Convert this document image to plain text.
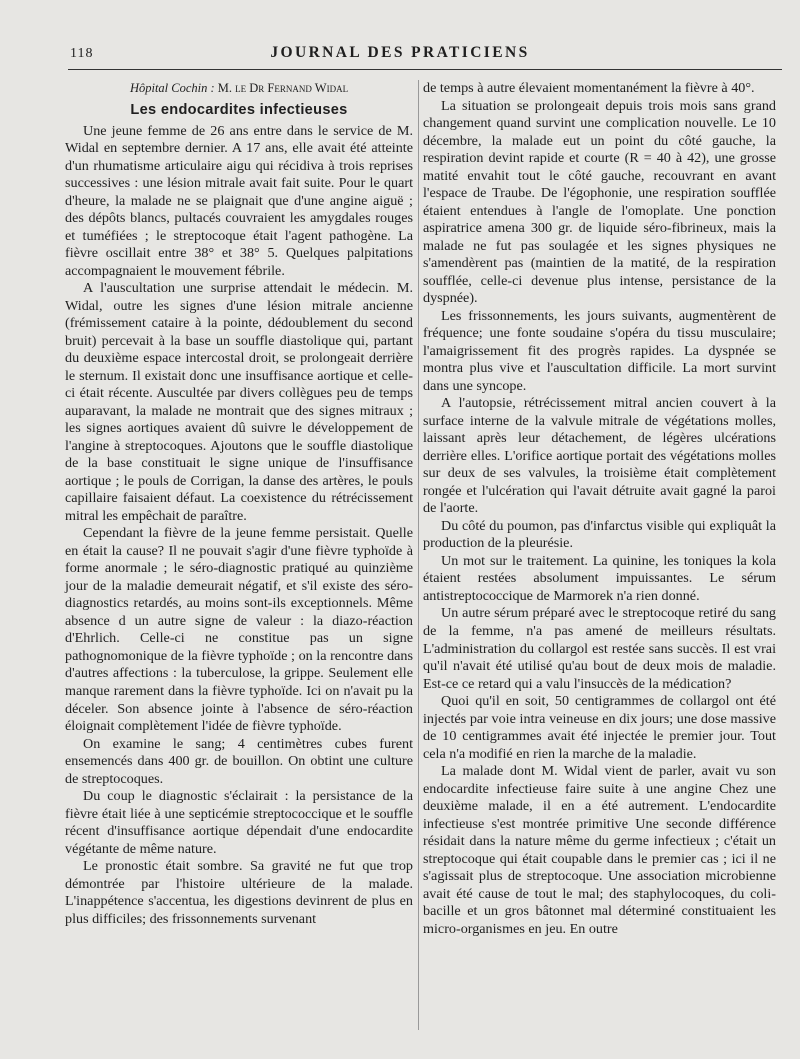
118	JOURNAL DES PRATICIENS

Hôpital Cochin : M. le Dr Fernand Widal

Les endocardites infectieuses

Une jeune femme de 26 ans entre dans le service de M. Widal en septembre dernier. A 17 ans, elle avait été atteinte d'un rhumatisme articulaire aigu qui récidiva à trois reprises successives : une lésion mitrale avait fait suite. Pour le quart d'heure, la malade ne se plaignait que d'une angine aiguë ; des dépôts blancs, pultacés couvraient les amygdales rouges et tuméfiées ; le streptocoque était l'agent pathogène. La fièvre oscillait entre 38° et 38° 5. Quelques palpitations accompagnaient le mouvement fébrile.

A l'auscultation une surprise attendait le médecin. M. Widal, outre les signes d'une lésion mitrale ancienne (frémissement cataire à la pointe, dédoublement du second bruit) percevait à la base un souffle diastolique qui, partant du deuxième espace intercostal droit, se prolongeait derrière le sternum. Il existait donc une insuffisance aortique et celle-ci était récente. Auscultée par divers collègues peu de temps auparavant, la malade ne montrait que des signes mitraux ; les signes aortiques avaient dû suivre le développement de l'angine à streptocoques. Ajoutons que le souffle diastolique de la base constituait le signe unique de l'insuffisance aortique ; le pouls de Corrigan, la danse des artères, le pouls capillaire faisaient défaut. La coexistence du rétrécissement mitral les empêchait de paraître.

Cependant la fièvre de la jeune femme persistait. Quelle en était la cause? Il ne pouvait s'agir d'une fièvre typhoïde à forme anormale ; le séro-diagnostic pratiqué au quinzième jour de la maladie demeurait négatif, et s'il existe des séro-diagnostics retardés, au moins sont-ils exceptionnels. Même absence d un autre signe de valeur : la diazo-réaction d'Ehrlich. Celle-ci ne constitue pas un signe pathognomonique de la fièvre typhoïde ; on la rencontre dans d'autres affections : la tuberculose, la grippe. Seulement elle manque rarement dans la fièvre typhoïde. Ici on n'avait pu la déceler. Son absence jointe à l'absence de séro-réaction éloignait complètement l'idée de fièvre typhoïde.

On examine le sang; 4 centimètres cubes furent ensemencés dans 400 gr. de bouillon. On obtint une culture de streptocoques.

Du coup le diagnostic s'éclairait : la persistance de la fièvre était liée à une septicémie streptococcique et le souffle récent d'insuffisance aortique dépendait d'une endocardite végétante de même nature.

Le pronostic était sombre. Sa gravité ne fut que trop démontrée par l'histoire ultérieure de la malade. L'inappétence s'accentua, les digestions devinrent de plus en plus difficiles; des frissonnements survenant

de temps à autre élevaient momentanément la fièvre à 40°.

La situation se prolongeait depuis trois mois sans grand changement quand survint une complication nouvelle. Le 10 décembre, la malade eut un point du côté gauche, la respiration devint rapide et courte (R = 40 à 42), une grosse matité envahit tout le côté gauche, recouvrant en avant l'espace de Traube. De l'égophonie, une respiration soufflée étaient entendues à l'angle de l'omoplate. Une ponction aspiratrice amena 300 gr. de liquide séro-fibrineux, mais la malade ne fut pas soulagée et les signes physiques ne s'amendèrent pas (maintien de la matité, de la respiration soufflée, celle-ci devenue plus intense, persistance de la dyspnée).

Les frissonnements, les jours suivants, augmentèrent de fréquence; une fonte soudaine s'opéra du tissu musculaire; l'amaigrissement fit des progrès rapides. La dyspnée se montra plus vive et l'auscultation difficile. La mort survint dans une syncope.

A l'autopsie, rétrécissement mitral ancien couvert à la surface interne de la valvule mitrale de végétations molles, laissant après leur détachement, de légères ulcérations derrière elles. L'orifice aortique portait des végétations molles sur deux de ses valvules, la troisième était complètement rongée et l'ulcération qui l'avait détruite avait gagné la paroi de l'aorte.

Du côté du poumon, pas d'infarctus visible qui expliquât la production de la pleurésie.

Un mot sur le traitement. La quinine, les toniques la kola étaient restées absolument impuissantes. Le sérum antistreptococcique de Marmorek n'a rien donné.

Un autre sérum préparé avec le streptocoque retiré du sang de la femme, n'a pas amené de meilleurs résultats. L'administration du collargol est restée sans succès. Il est vrai qu'il n'avait été utilisé qu'au bout de deux mois de maladie. Est-ce ce retard qui a valu l'insuccès de la médication?

Quoi qu'il en soit, 50 centigrammes de collargol ont été injectés par voie intra veineuse en dix jours; une dose massive de 10 centigrammes avait été injectée le premier jour. Tout cela n'a modifié en rien la marche de la maladie.

La malade dont M. Widal vient de parler, avait vu son endocardite infectieuse faire suite à une angine Chez une deuxième malade, il en a été autrement. L'endocardite infectieuse s'est montrée primitive Une seconde différence résidait dans la nature même du germe infectieux ; c'était un streptocoque qui était coupable dans le premier cas ; ici il ne s'agissait plus de streptocoque. Une association microbienne avait été cause de tout le mal; des staphylocoques, du coli-bacille et un gros bâtonnet mal déterminé constituaient les micro-organismes en jeu. En outre
